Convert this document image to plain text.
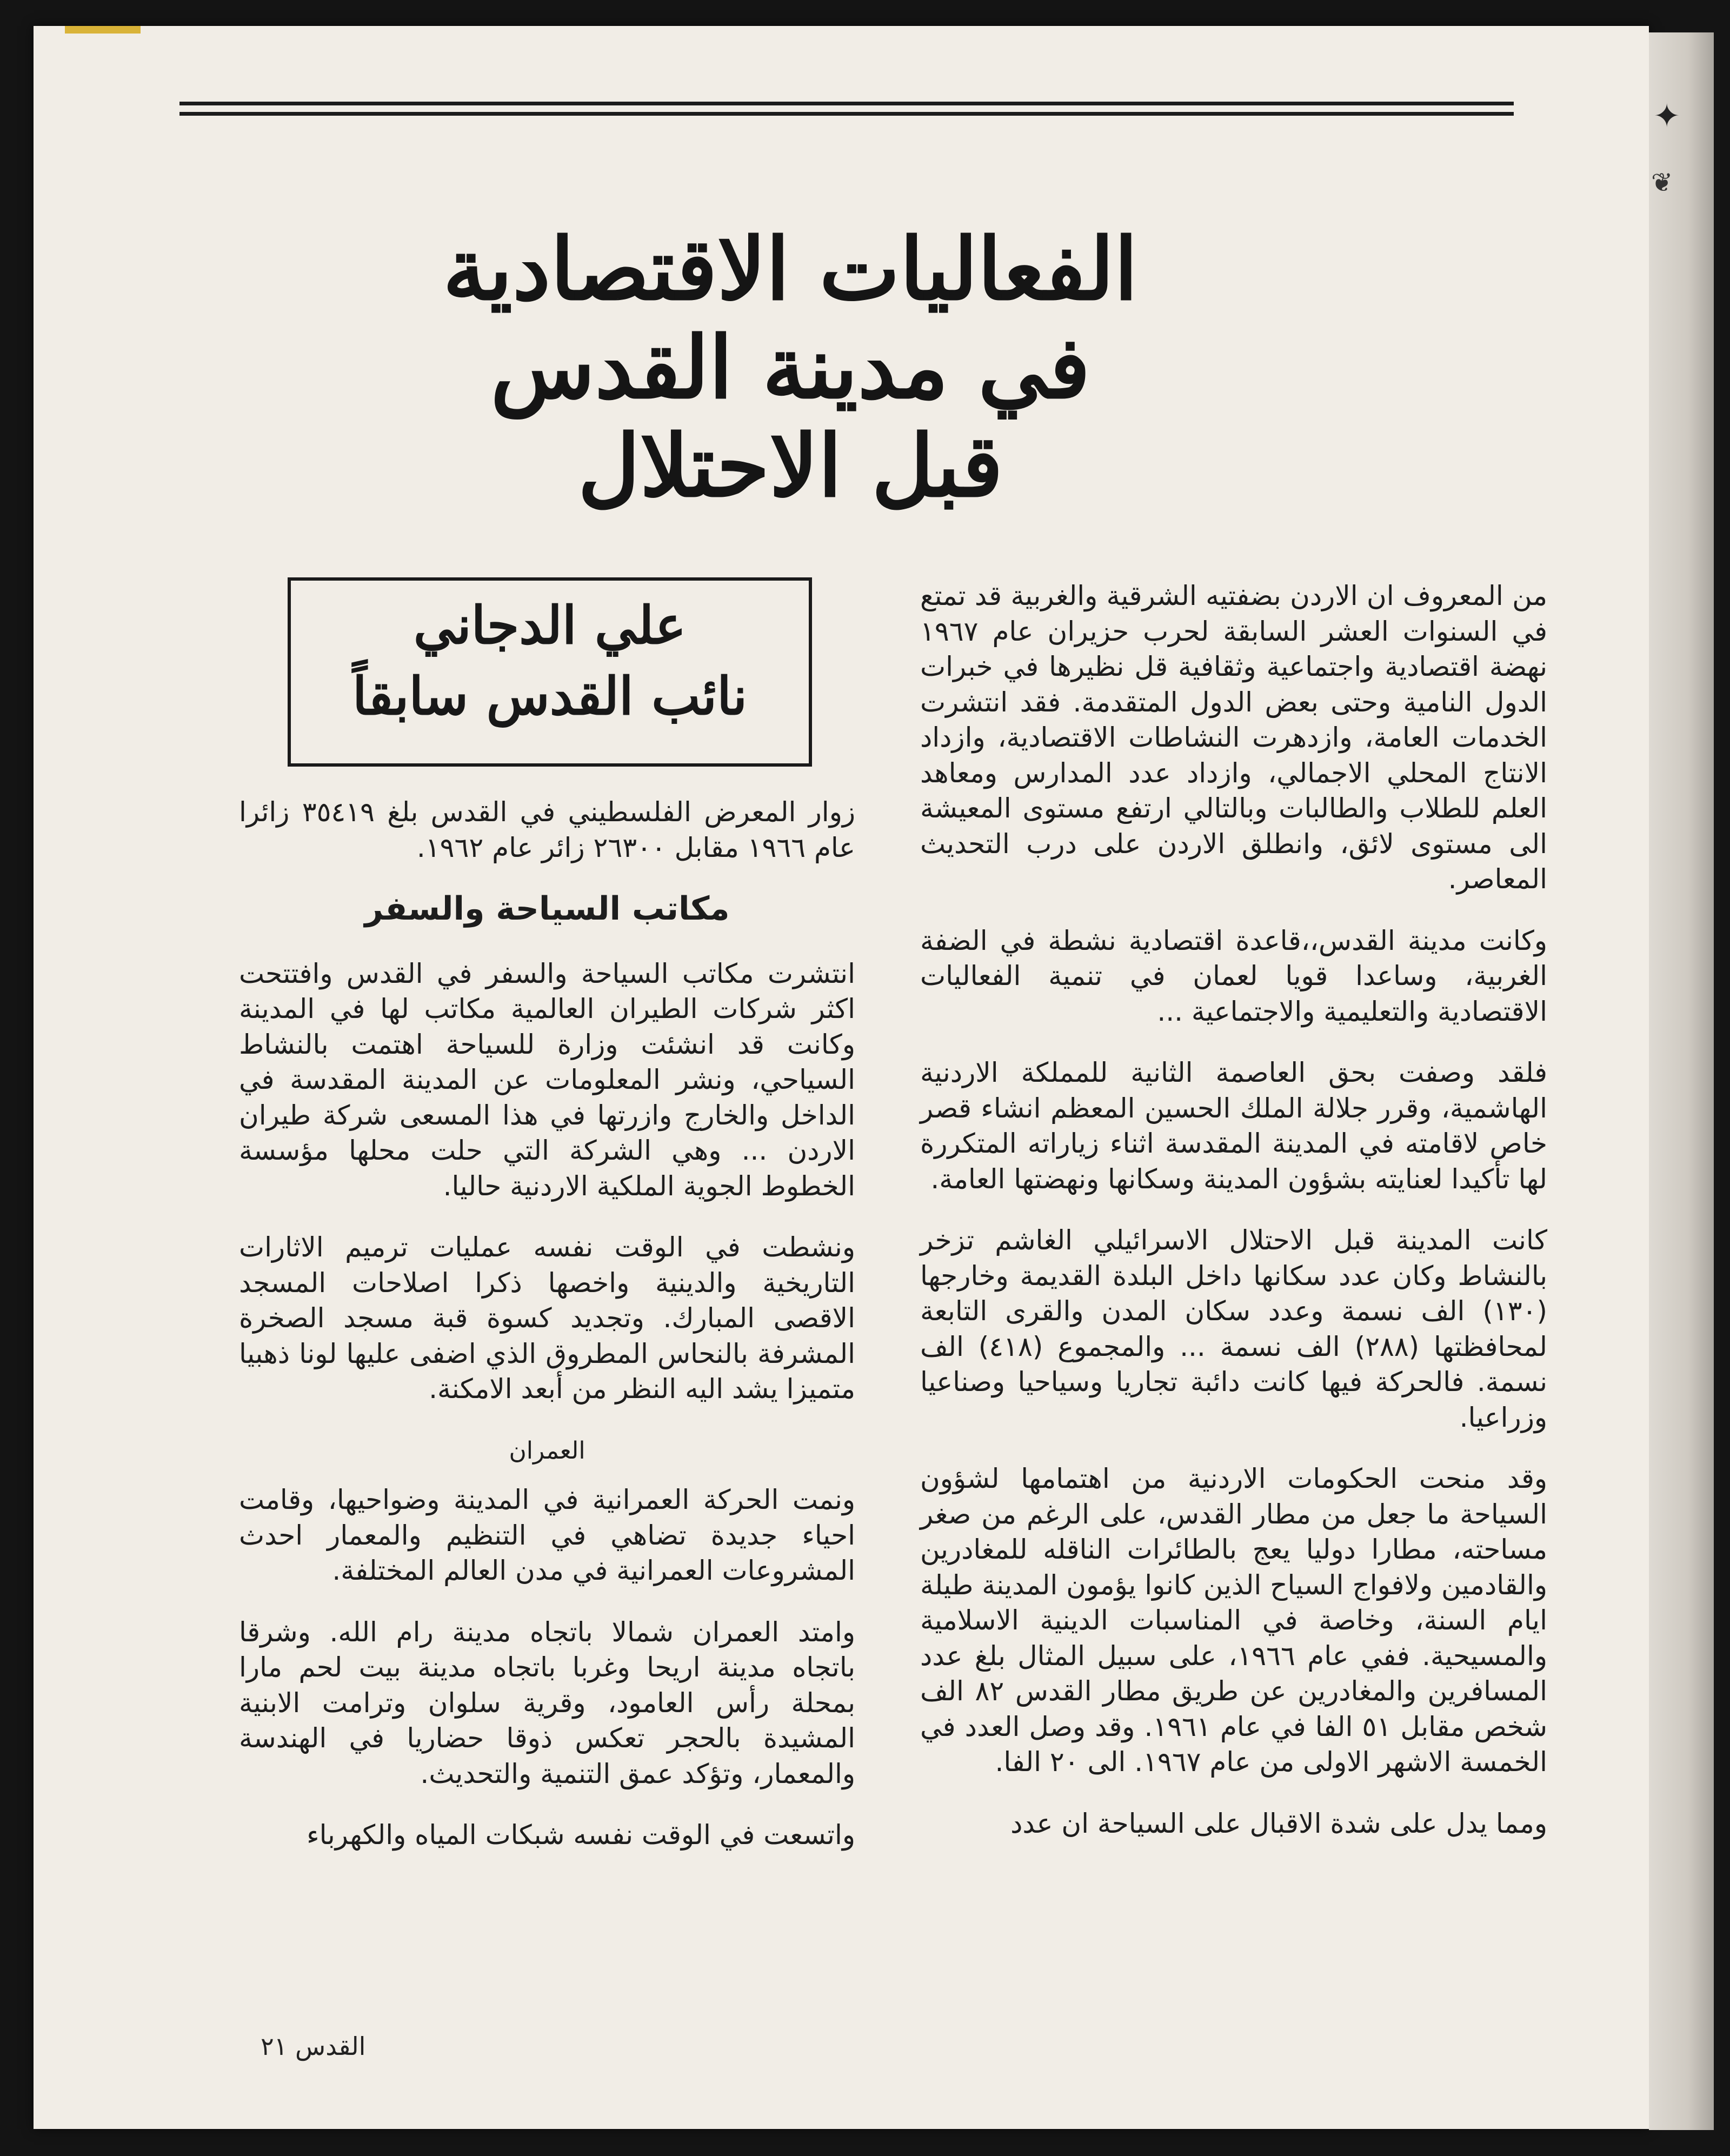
الفعاليات الاقتصادية
في مدينة القدس
قبل الاحتلال
علي الدجاني
نائب القدس سابقاً

من المعروف ان الاردن بضفتيه الشرقية والغربية قد تمتع في السنوات العشر السابقة لحرب حزيران عام ١٩٦٧ نهضة اقتصادية واجتماعية وثقافية قل نظيرها في خبرات الدول النامية وحتى بعض الدول المتقدمة. فقد انتشرت الخدمات العامة، وازدهرت النشاطات الاقتصادية، وازداد الانتاج المحلي الاجمالي، وازداد عدد المدارس ومعاهد العلم للطلاب والطالبات وبالتالي ارتفع مستوى المعيشة الى مستوى لائق، وانطلق الاردن على درب التحديث المعاصر.

وكانت مدينة القدس،،قاعدة اقتصادية نشطة في الضفة الغربية، وساعدا قويا لعمان في تنمية الفعاليات الاقتصادية والتعليمية والاجتماعية ...

فلقد وصفت بحق العاصمة الثانية للمملكة الاردنية الهاشمية، وقرر جلالة الملك الحسين المعظم انشاء قصر خاص لاقامته في المدينة المقدسة اثناء زياراته المتكررة لها تأكيدا لعنايته بشؤون المدينة وسكانها ونهضتها العامة.

كانت المدينة قبل الاحتلال الاسرائيلي الغاشم تزخر بالنشاط وكان عدد سكانها داخل البلدة القديمة وخارجها (١٣٠) الف نسمة وعدد سكان المدن والقرى التابعة لمحافظتها (٢٨٨) الف نسمة ... والمجموع (٤١٨) الف نسمة. فالحركة فيها كانت دائبة تجاريا وسياحيا وصناعيا وزراعيا.

وقد منحت الحكومات الاردنية من اهتمامها لشؤون السياحة ما جعل من مطار القدس، على الرغم من صغر مساحته، مطارا دوليا يعج بالطائرات الناقله للمغادرين والقادمين ولافواج السياح الذين كانوا يؤمون المدينة طيلة ايام السنة، وخاصة في المناسبات الدينية الاسلامية والمسيحية. ففي عام ١٩٦٦، على سبيل المثال بلغ عدد المسافرين والمغادرين عن طريق مطار القدس ٨٢ الف شخص مقابل ٥١ الفا في عام ١٩٦١. وقد وصل العدد في الخمسة الاشهر الاولى من عام ١٩٦٧. الى ٢٠ الفا.

ومما يدل على شدة الاقبال على السياحة ان عدد

زوار المعرض الفلسطيني في القدس بلغ ٣٥٤١٩ زائرا عام ١٩٦٦ مقابل ٢٦٣٠٠ زائر عام ١٩٦٢.

مكاتب السياحة والسفر

انتشرت مكاتب السياحة والسفر في القدس وافتتحت اكثر شركات الطيران العالمية مكاتب لها في المدينة وكانت قد انشئت وزارة للسياحة اهتمت بالنشاط السياحي، ونشر المعلومات عن المدينة المقدسة في الداخل والخارج وازرتها في هذا المسعى شركة طيران الاردن ... وهي الشركة التي حلت محلها مؤسسة الخطوط الجوية الملكية الاردنية حاليا.

ونشطت في الوقت نفسه عمليات ترميم الاثارات التاريخية والدينية واخصها ذكرا اصلاحات المسجد الاقصى المبارك. وتجديد كسوة قبة مسجد الصخرة المشرفة بالنحاس المطروق الذي اضفى عليها لونا ذهبيا متميزا يشد اليه النظر من أبعد الامكنة.

العمران

ونمت الحركة العمرانية في المدينة وضواحيها، وقامت احياء جديدة تضاهي في التنظيم والمعمار احدث المشروعات العمرانية في مدن العالم المختلفة.

وامتد العمران شمالا باتجاه مدينة رام الله. وشرقا باتجاه مدينة اريحا وغربا باتجاه مدينة بيت لحم مارا بمحلة رأس العامود، وقرية سلوان وترامت الابنية المشيدة بالحجر تعكس ذوقا حضاريا في الهندسة والمعمار، وتؤكد عمق التنمية والتحديث.

واتسعت في الوقت نفسه شبكات المياه والكهرباء

القدس ٢١
✦
❦
